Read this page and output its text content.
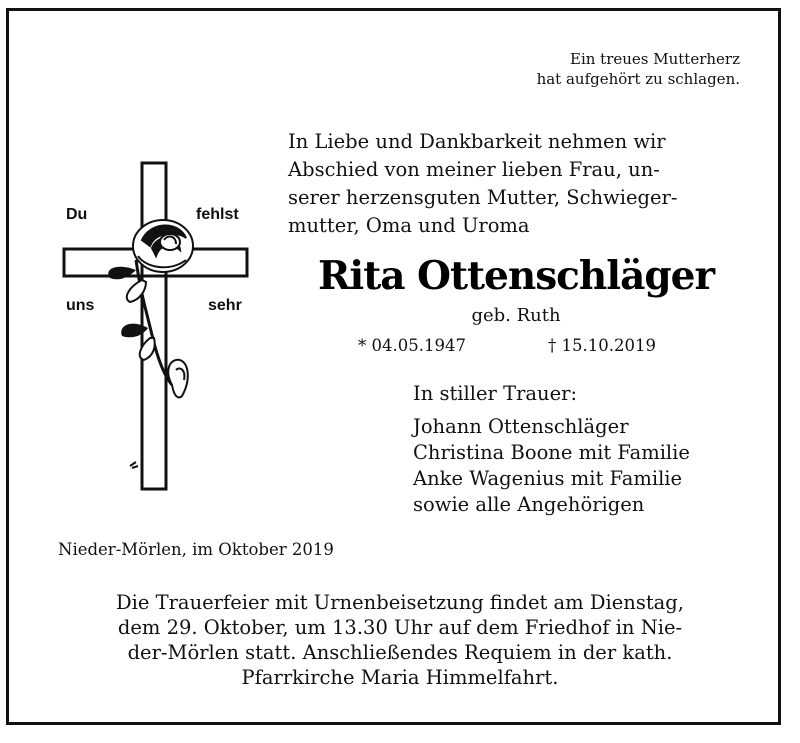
Ein treues Mutterherz
hat aufgehört zu schlagen.
Du	fehlst
uns	sehr
In Liebe und Dankbarkeit nehmen wir
Abschied von meiner lieben Frau, un-
serer herzensguten Mutter, Schwieger-
mutter, Oma und Uroma
Rita Ottenschläger
geb. Ruth
* 04.05.1947	† 15.10.2019
In stiller Trauer:
Johann Ottenschläger
Christina Boone mit Familie
Anke Wagenius mit Familie
sowie alle Angehörigen
Nieder-Mörlen, im Oktober 2019
Die Trauerfeier mit Urnenbeisetzung findet am Dienstag,
dem 29. Oktober, um 13.30 Uhr auf dem Friedhof in Nie-
der-Mörlen statt. Anschließendes Requiem in der kath.
Pfarrkirche Maria Himmelfahrt.
